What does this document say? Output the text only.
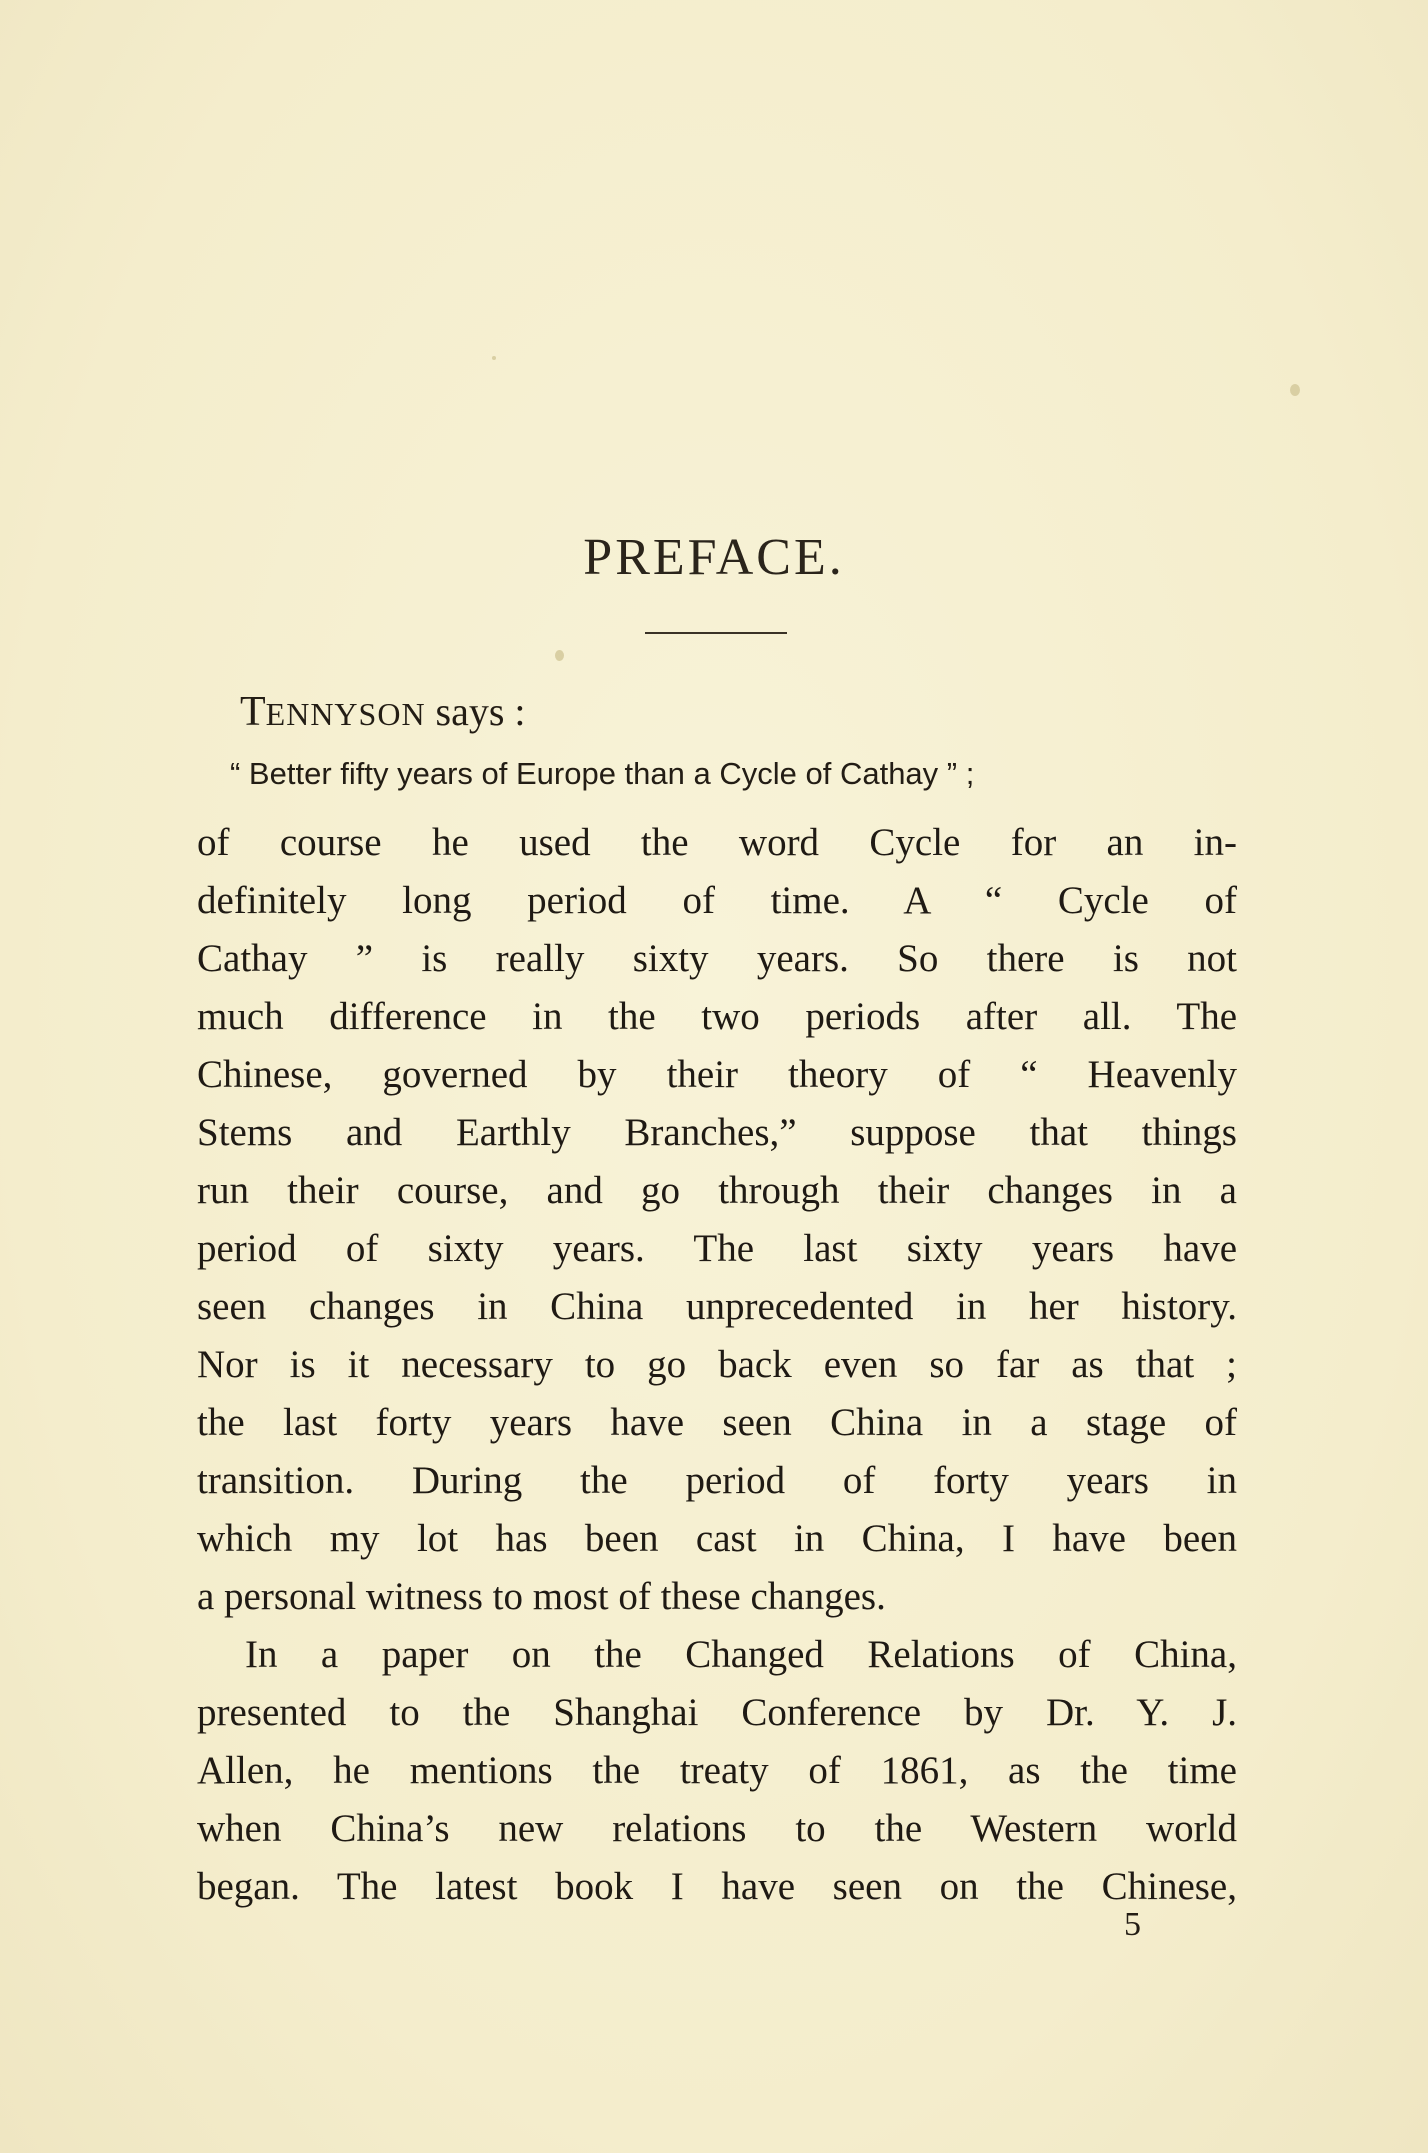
PREFACE.
TENNYSON says :
“ Better fifty years of Europe than a Cycle of Cathay ” ;
of course he used the word Cycle for an in-
definitely long period of time. A “ Cycle of
Cathay ” is really sixty years. So there is not
much difference in the two periods after all. The
Chinese, governed by their theory of “ Heavenly
Stems and Earthly Branches,” suppose that things
run their course, and go through their changes in a
period of sixty years. The last sixty years have
seen changes in China unprecedented in her history.
Nor is it necessary to go back even so far as that ;
the last forty years have seen China in a stage of
transition. During the period of forty years in
which my lot has been cast in China, I have been
a personal witness to most of these changes.
In a paper on the Changed Relations of China,
presented to the Shanghai Conference by Dr. Y. J.
Allen, he mentions the treaty of 1861, as the time
when China’s new relations to the Western world
began. The latest book I have seen on the Chinese,
5
